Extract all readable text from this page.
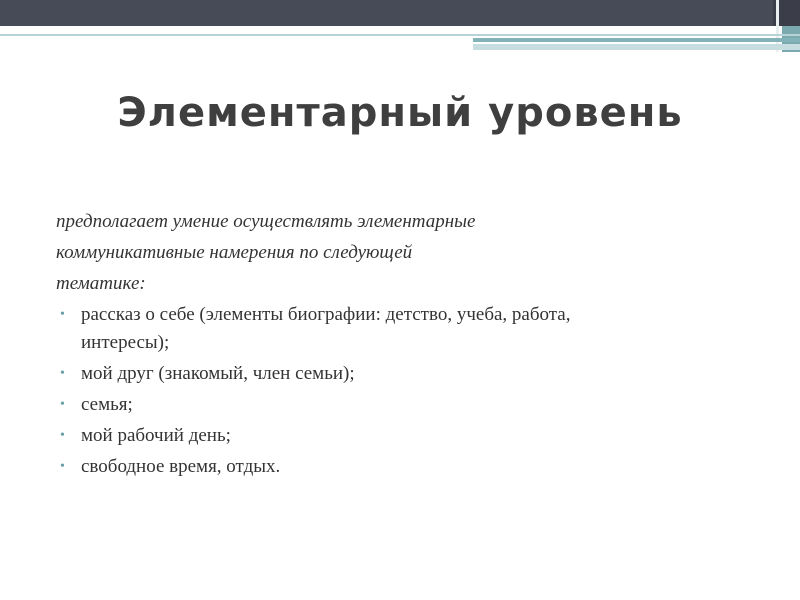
Элементарный уровень
предполагает умение осуществлять элементарные
коммуникативные намерения по следующей
тематике:
• рассказ о себе (элементы биографии: детство, учеба, работа,
интересы);
• мой друг (знакомый, член семьи);
• семья;
• мой рабочий день;
• свободное время, отдых.
